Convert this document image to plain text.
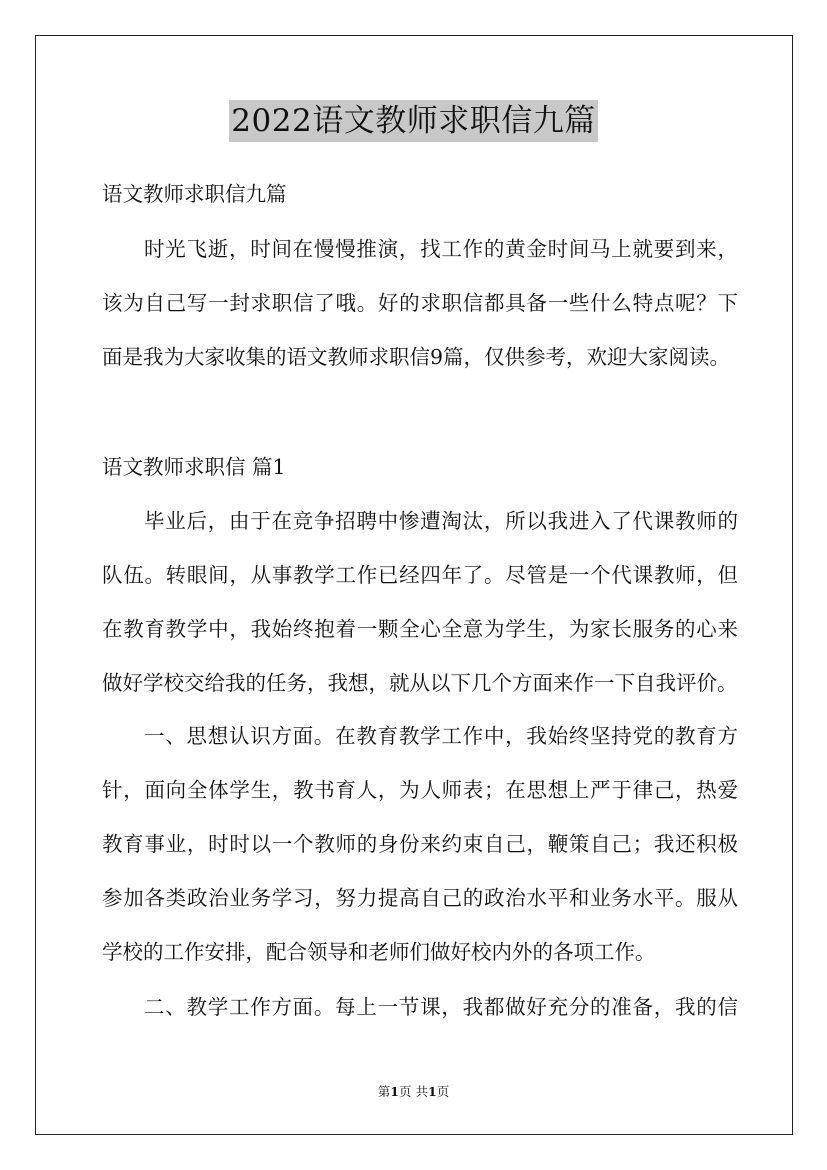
2022语文教师求职信九篇
语文教师求职信九篇
时光飞逝，时间在慢慢推演，找工作的黄金时间马上就要到来，
该为自己写一封求职信了哦。好的求职信都具备一些什么特点呢？下
面是我为大家收集的语文教师求职信9篇，仅供参考，欢迎大家阅读。
语文教师求职信 篇1
毕业后，由于在竞争招聘中惨遭淘汰，所以我进入了代课教师的
队伍。转眼间，从事教学工作已经四年了。尽管是一个代课教师，但
在教育教学中，我始终抱着一颗全心全意为学生，为家长服务的心来
做好学校交给我的任务，我想，就从以下几个方面来作一下自我评价。
一、思想认识方面。在教育教学工作中，我始终坚持党的教育方
针，面向全体学生，教书育人，为人师表；在思想上严于律己，热爱
教育事业，时时以一个教师的身份来约束自己，鞭策自己；我还积极
参加各类政治业务学习，努力提高自己的政治水平和业务水平。服从
学校的工作安排，配合领导和老师们做好校内外的各项工作。
二、教学工作方面。每上一节课，我都做好充分的准备，我的信
第1页 共1页
